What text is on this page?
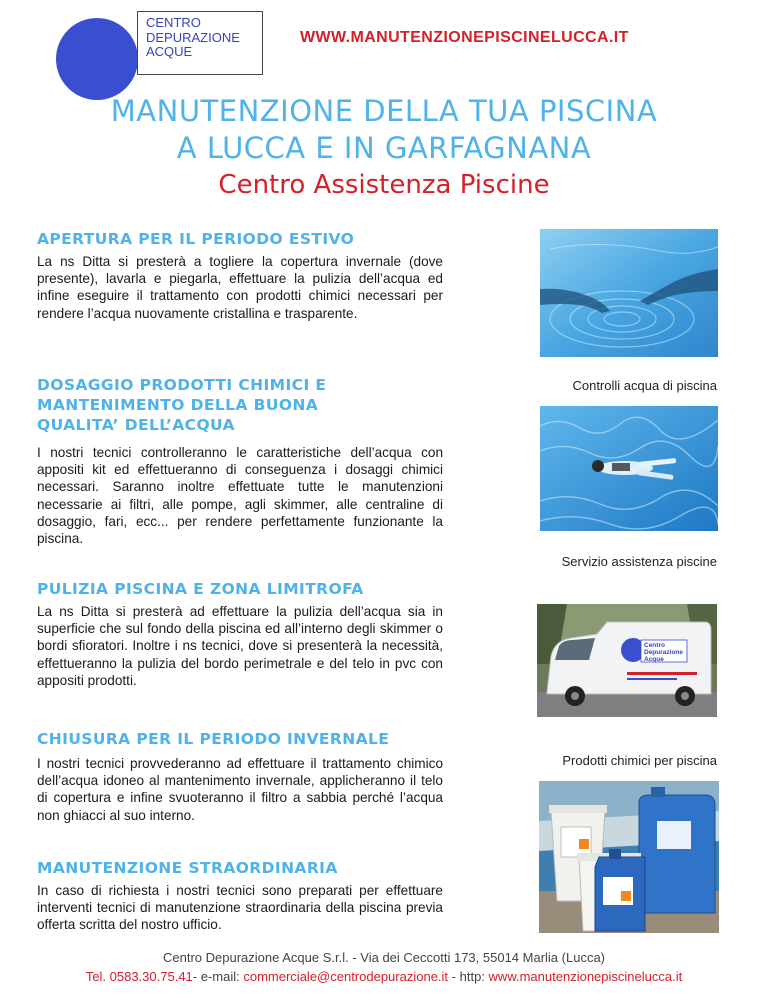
CENTRO
DEPURAZIONE
ACQUE
WWW.MANUTENZIONEPISCINELUCCA.IT
MANUTENZIONE DELLA TUA PISCINA
A LUCCA E IN GARFAGNANA
Centro Assistenza Piscine
APERTURA PER IL PERIODO ESTIVO
La ns Ditta si presterà a togliere la copertura invernale (dove presente), lavarla e piegarla, effettuare la pulizia dell’acqua ed infine eseguire il trattamento con prodotti chimici necessari per rendere l’acqua nuovamente cristallina e trasparente.
DOSAGGIO PRODOTTI CHIMICI E
MANTENIMENTO DELLA BUONA
QUALITA’ DELL’ACQUA
I nostri tecnici controlleranno le caratteristiche dell’acqua con appositi kit ed effettueranno di conseguenza i dosaggi chimici necessari. Saranno inoltre effettuate tutte le manutenzioni necessarie ai filtri, alle pompe, agli skimmer, alle centraline di dosaggio, fari, ecc... per rendere perfettamente funzionante la piscina.
PULIZIA PISCINA E ZONA LIMITROFA
La ns Ditta si presterà ad effettuare la pulizia dell’acqua sia in superficie che sul fondo della piscina ed all’interno degli skimmer o bordi sfioratori. Inoltre i ns tecnici, dove si presenterà la necessità, effettueranno la pulizia del bordo perimetrale e del telo in pvc con appositi prodotti.
CHIUSURA PER IL PERIODO INVERNALE
I nostri tecnici provvederanno ad effettuare il trattamento chimico dell’acqua idoneo al mantenimento invernale, applicheranno il telo di copertura e infine svuoteranno il filtro a sabbia perché l’acqua non ghiacci al suo interno.
MANUTENZIONE STRAORDINARIA
In caso di richiesta i nostri tecnici sono preparati per effettuare interventi tecnici di manutenzione straordinaria della piscina previa offerta scritta del nostro ufficio.
Controlli acqua di piscina
Servizio assistenza piscine
Centro
Depurazione
Acque
Prodotti chimici per piscina
Centro Depurazione Acque S.r.l. - Via dei Ceccotti 173, 55014 Marlia (Lucca)
Tel. 0583.30.75.41- e-mail: commerciale@centrodepurazione.it - http: www.manutenzionepiscinelucca.it
